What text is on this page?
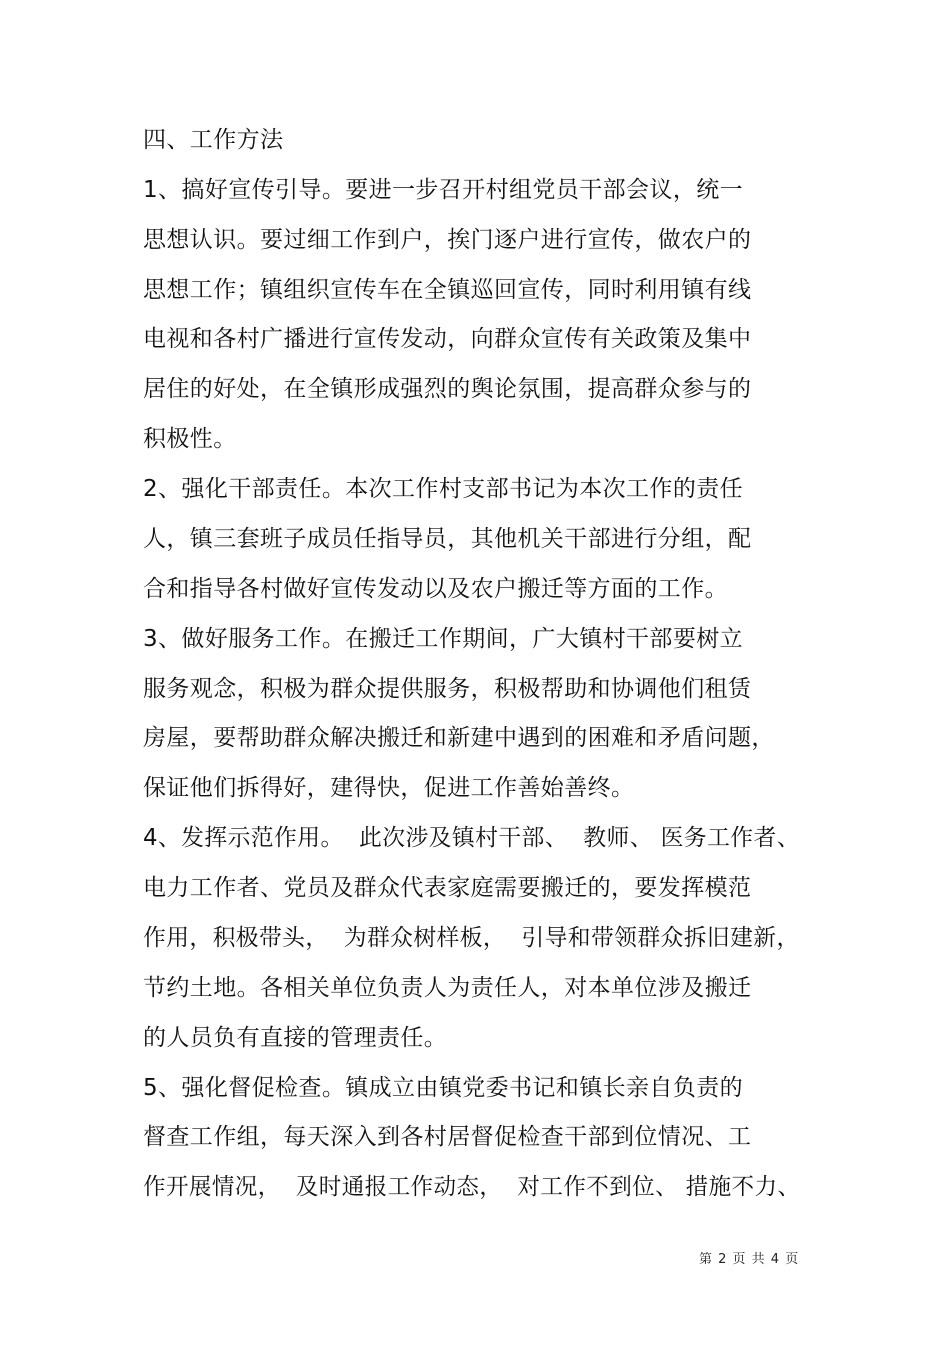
四、工作方法
1、搞好宣传引导。要进一步召开村组党员干部会议，统一
思想认识。要过细工作到户，挨门逐户进行宣传，做农户的
思想工作；镇组织宣传车在全镇巡回宣传，同时利用镇有线
电视和各村广播进行宣传发动，向群众宣传有关政策及集中
居住的好处，在全镇形成强烈的舆论氛围，提高群众参与的
积极性。
2、强化干部责任。本次工作村支部书记为本次工作的责任
人，镇三套班子成员任指导员，其他机关干部进行分组，配
合和指导各村做好宣传发动以及农户搬迁等方面的工作。
3、做好服务工作。在搬迁工作期间，广大镇村干部要树立
服务观念，积极为群众提供服务，积极帮助和协调他们租赁
房屋，要帮助群众解决搬迁和新建中遇到的困难和矛盾问题，
保证他们拆得好，建得快，促进工作善始善终。
4、发挥示范作用。  此次涉及镇村干部、  教师、 医务工作者、
电力工作者、党员及群众代表家庭需要搬迁的，要发挥模范
作用，积极带头，  为群众树样板，  引导和带领群众拆旧建新，
节约土地。各相关单位负责人为责任人，对本单位涉及搬迁
的人员负有直接的管理责任。
5、强化督促检查。镇成立由镇党委书记和镇长亲自负责的
督查工作组，每天深入到各村居督促检查干部到位情况、工
作开展情况，  及时通报工作动态，  对工作不到位、 措施不力、
第 2 页 共 4 页
